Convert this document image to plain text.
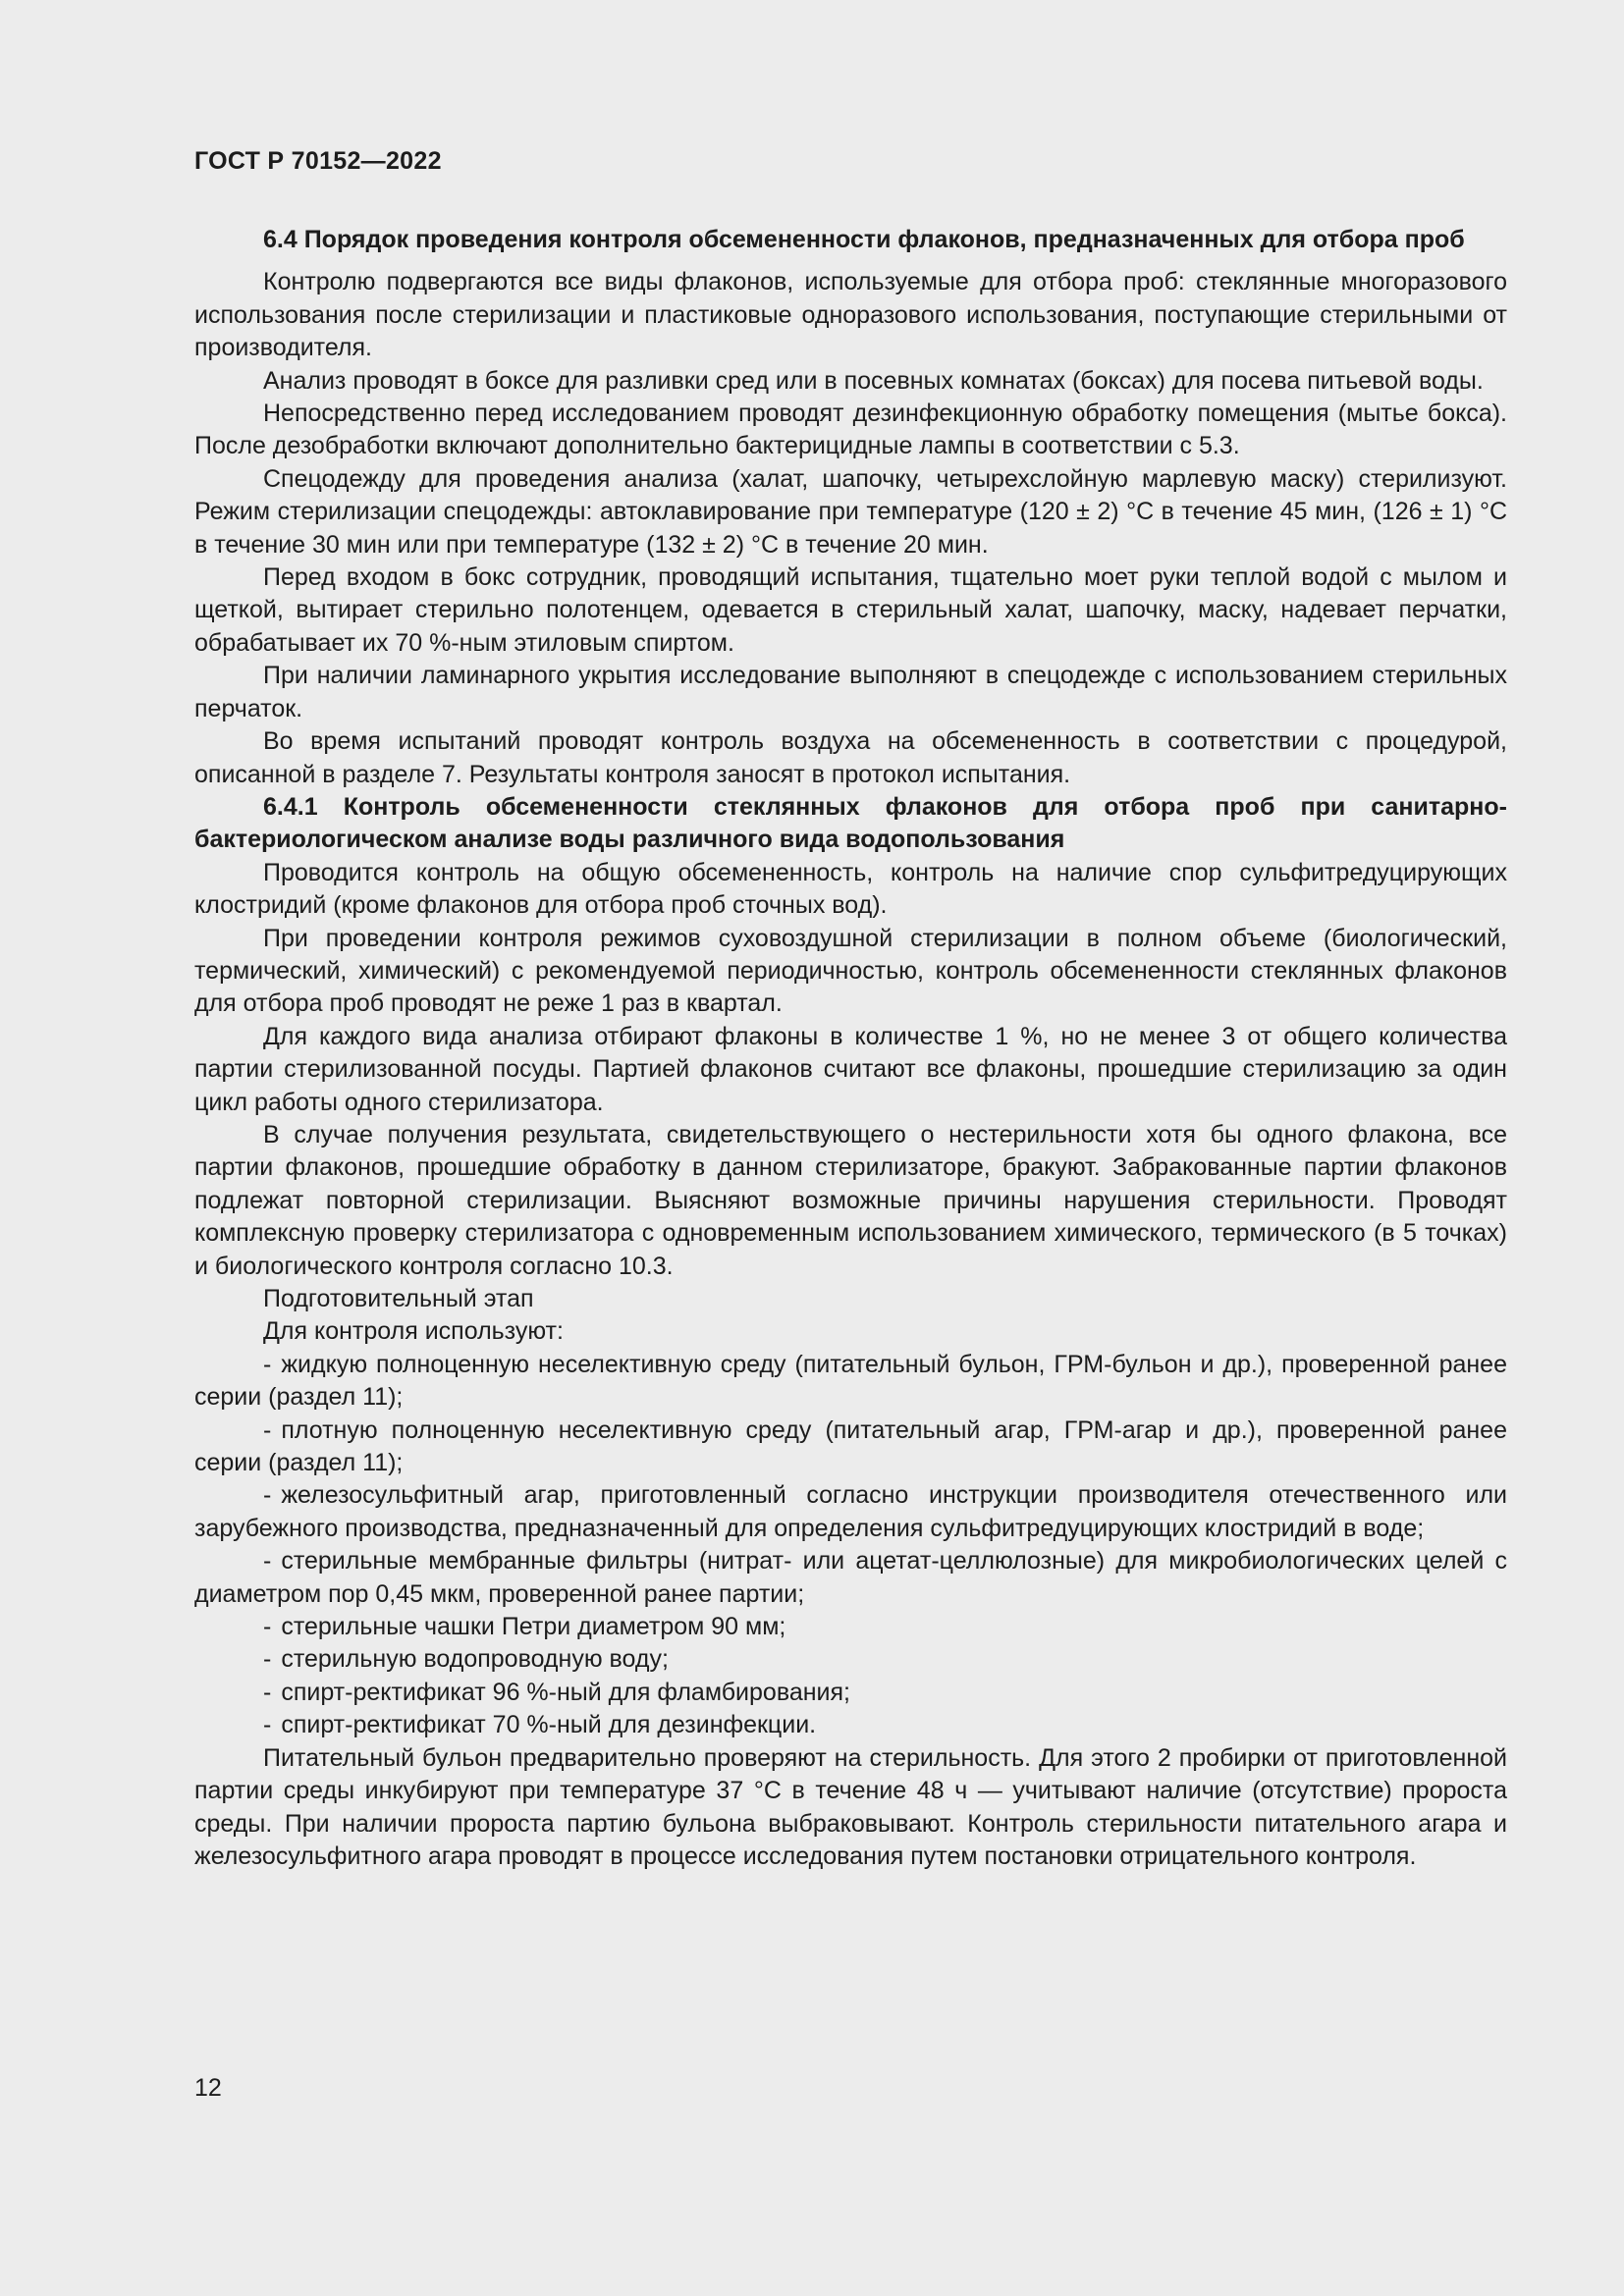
ГОСТ Р 70152—2022

6.4 Порядок проведения контроля обсемененности флаконов, предназначенных для отбора проб

Контролю подвергаются все виды флаконов, используемые для отбора проб: стеклянные многоразового использования после стерилизации и пластиковые одноразового использования, поступающие стерильными от производителя.

Анализ проводят в боксе для разливки сред или в посевных комнатах (боксах) для посева питьевой воды.

Непосредственно перед исследованием проводят дезинфекционную обработку помещения (мытье бокса). После дезобработки включают дополнительно бактерицидные лампы в соответствии с 5.3.

Спецодежду для проведения анализа (халат, шапочку, четырехслойную марлевую маску) стерилизуют. Режим стерилизации спецодежды: автоклавирование при температуре (120 ± 2) °С в течение 45 мин, (126 ± 1) °С в течение 30 мин или при температуре (132 ± 2) °С в течение 20 мин.

Перед входом в бокс сотрудник, проводящий испытания, тщательно моет руки теплой водой с мылом и щеткой, вытирает стерильно полотенцем, одевается в стерильный халат, шапочку, маску, надевает перчатки, обрабатывает их 70 %-ным этиловым спиртом.

При наличии ламинарного укрытия исследование выполняют в спецодежде с использованием стерильных перчаток.

Во время испытаний проводят контроль воздуха на обсемененность в соответствии с процедурой, описанной в разделе 7. Результаты контроля заносят в протокол испытания.

6.4.1 Контроль обсемененности стеклянных флаконов для отбора проб при санитарно-бактериологическом анализе воды различного вида водопользования

Проводится контроль на общую обсемененность, контроль на наличие спор сульфитредуцирующих клостридий (кроме флаконов для отбора проб сточных вод).

При проведении контроля режимов суховоздушной стерилизации в полном объеме (биологический, термический, химический) с рекомендуемой периодичностью, контроль обсемененности стеклянных флаконов для отбора проб проводят не реже 1 раз в квартал.

Для каждого вида анализа отбирают флаконы в количестве 1 %, но не менее 3 от общего количества партии стерилизованной посуды. Партией флаконов считают все флаконы, прошедшие стерилизацию за один цикл работы одного стерилизатора.

В случае получения результата, свидетельствующего о нестерильности хотя бы одного флакона, все партии флаконов, прошедшие обработку в данном стерилизаторе, бракуют. Забракованные партии флаконов подлежат повторной стерилизации. Выясняют возможные причины нарушения стерильности. Проводят комплексную проверку стерилизатора с одновременным использованием химического, термического (в 5 точках) и биологического контроля согласно 10.3.

Подготовительный этап

Для контроля используют:

- жидкую полноценную неселективную среду (питательный бульон, ГРМ-бульон и др.), проверенной ранее серии (раздел 11);

- плотную полноценную неселективную среду (питательный агар, ГРМ-агар и др.), проверенной ранее серии (раздел 11);

- железосульфитный агар, приготовленный согласно инструкции производителя отечественного или зарубежного производства, предназначенный для определения сульфитредуцирующих клостридий в воде;

- стерильные мембранные фильтры (нитрат- или ацетат-целлюлозные) для микробиологических целей с диаметром пор 0,45 мкм, проверенной ранее партии;

- стерильные чашки Петри диаметром 90 мм;

- стерильную водопроводную воду;

- спирт-ректификат 96 %-ный для фламбирования;

- спирт-ректификат 70 %-ный для дезинфекции.

Питательный бульон предварительно проверяют на стерильность. Для этого 2 пробирки от приготовленной партии среды инкубируют при температуре 37 °С в течение 48 ч — учитывают наличие (отсутствие) пророста среды. При наличии пророста партию бульона выбраковывают. Контроль стерильности питательного агара и железосульфитного агара проводят в процессе исследования путем постановки отрицательного контроля.

12
